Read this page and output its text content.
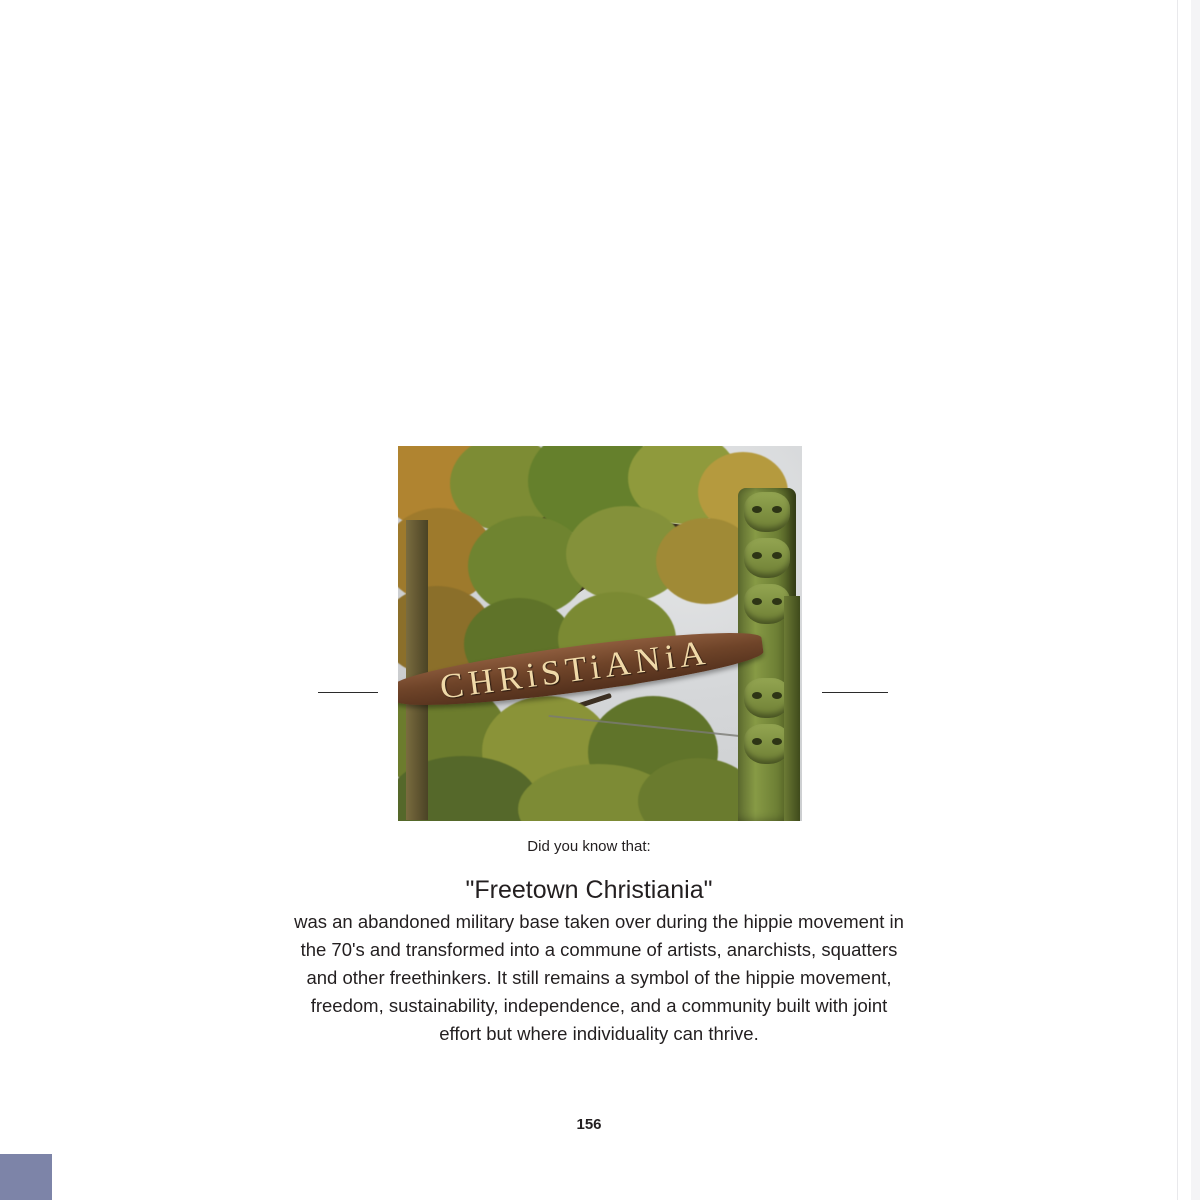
CHRiSTiANiA
Did you know that:
"Freetown Christiania"
was an abandoned military base taken over during the hippie movement in the 70's and transformed into a commune of artists, anarchists, squatters and other freethinkers. It still remains a symbol of the hippie movement, freedom, sustainability, independence, and a community built with joint effort but where individuality can thrive.
156
